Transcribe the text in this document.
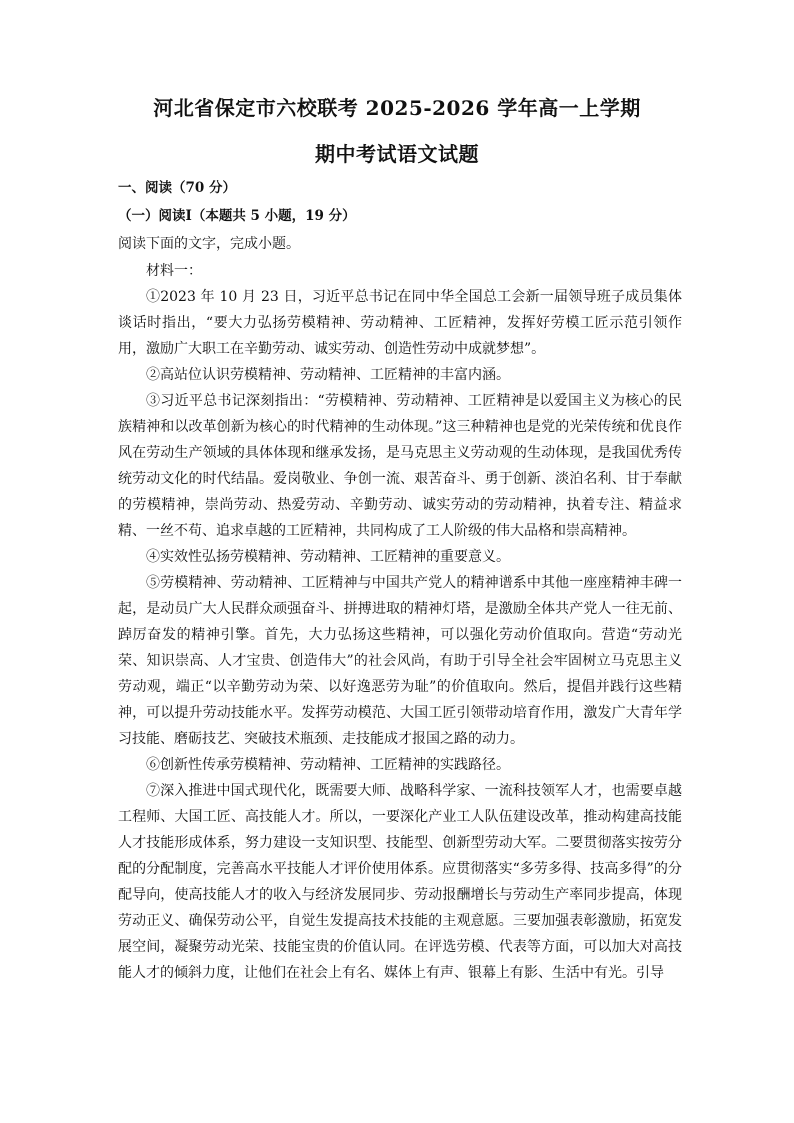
河北省保定市六校联考 2025-2026 学年高一上学期
期中考试语文试题
一、阅读（70 分）
（一）阅读Ⅰ（本题共 5 小题，19 分）
阅读下面的文字，完成小题。

材料一：

①2023 年 10 月 23 日，习近平总书记在同中华全国总工会新一届领导班子成员集体谈话时指出，“要大力弘扬劳模精神、劳动精神、工匠精神，发挥好劳模工匠示范引领作用，激励广大职工在辛勤劳动、诚实劳动、创造性劳动中成就梦想”。

②高站位认识劳模精神、劳动精神、工匠精神的丰富内涵。

③习近平总书记深刻指出：“劳模精神、劳动精神、工匠精神是以爱国主义为核心的民族精神和以改革创新为核心的时代精神的生动体现。”这三种精神也是党的光荣传统和优良作风在劳动生产领域的具体体现和继承发扬，是马克思主义劳动观的生动体现，是我国优秀传统劳动文化的时代结晶。爱岗敬业、争创一流、艰苦奋斗、勇于创新、淡泊名利、甘于奉献的劳模精神，崇尚劳动、热爱劳动、辛勤劳动、诚实劳动的劳动精神，执着专注、精益求精、一丝不苟、追求卓越的工匠精神，共同构成了工人阶级的伟大品格和崇高精神。

④实效性弘扬劳模精神、劳动精神、工匠精神的重要意义。

⑤劳模精神、劳动精神、工匠精神与中国共产党人的精神谱系中其他一座座精神丰碑一起，是动员广大人民群众顽强奋斗、拼搏进取的精神灯塔，是激励全体共产党人一往无前、踔厉奋发的精神引擎。首先，大力弘扬这些精神，可以强化劳动价值取向。营造“劳动光荣、知识崇高、人才宝贵、创造伟大”的社会风尚，有助于引导全社会牢固树立马克思主义劳动观，端正“以辛勤劳动为荣、以好逸恶劳为耻”的价值取向。然后，提倡并践行这些精神，可以提升劳动技能水平。发挥劳动模范、大国工匠引领带动培育作用，激发广大青年学习技能、磨砺技艺、突破技术瓶颈、走技能成才报国之路的动力。

⑥创新性传承劳模精神、劳动精神、工匠精神的实践路径。

⑦深入推进中国式现代化，既需要大师、战略科学家、一流科技领军人才，也需要卓越工程师、大国工匠、高技能人才。所以，一要深化产业工人队伍建设改革，推动构建高技能人才技能形成体系，努力建设一支知识型、技能型、创新型劳动大军。二要贯彻落实按劳分配的分配制度，完善高水平技能人才评价使用体系。应贯彻落实“多劳多得、技高多得”的分配导向，使高技能人才的收入与经济发展同步、劳动报酬增长与劳动生产率同步提高，体现劳动正义、确保劳动公平，自觉生发提高技术技能的主观意愿。三要加强表彰激励，拓宽发展空间，凝聚劳动光荣、技能宝贵的价值认同。在评选劳模、代表等方面，可以加大对高技能人才的倾斜力度，让他们在社会上有名、媒体上有声、银幕上有影、生活中有光。引导
